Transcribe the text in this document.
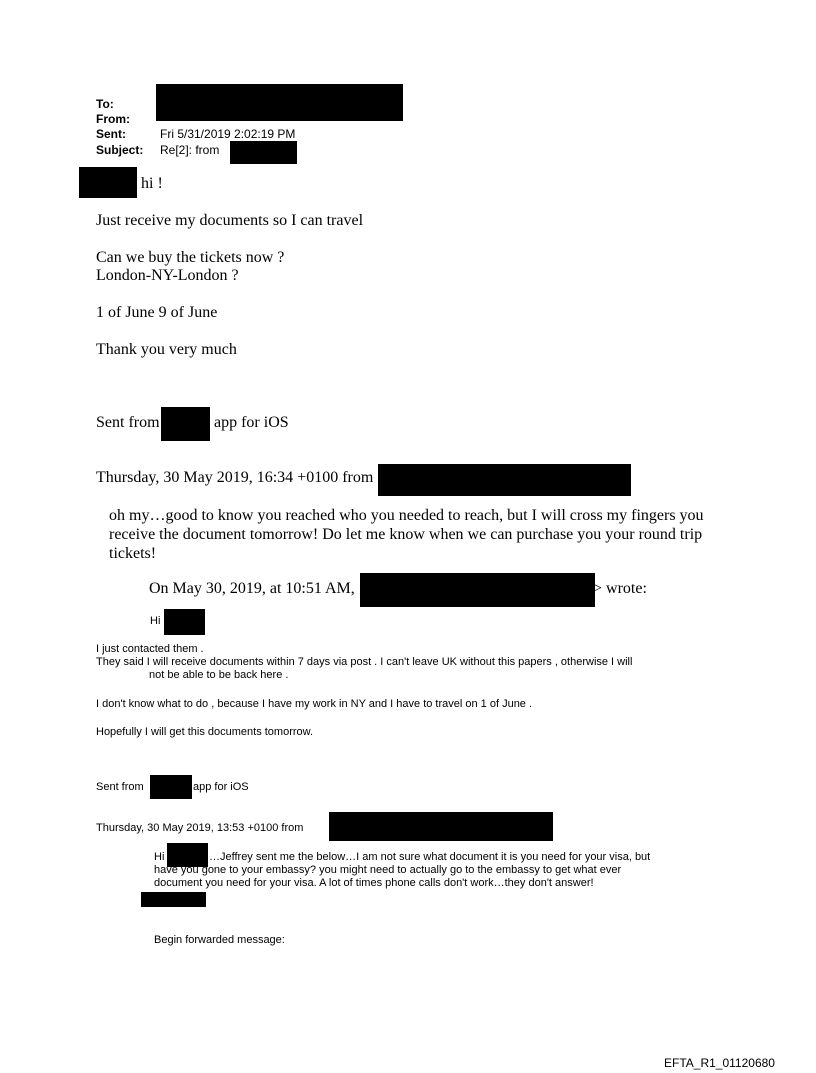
To:
From:
Sent:	Fri 5/31/2019 2:02:19 PM
Subject: Re[2]: from
hi !
Just receive my documents so I can travel
Can we buy the tickets now ?
London-NY-London ?
1 of June 9 of June
Thank you very much
Sent from	app for iOS
Thursday, 30 May 2019, 16:34 +0100 from
oh my…good to know you reached who you needed to reach, but I will cross my fingers you receive the document tomorrow! Do let me know when we can purchase you your round trip tickets!
On May 30, 2019, at 10:51 AM,	> wrote:
Hi
I just contacted them .
They said I will receive documents within 7 days via post . I can't leave UK without this papers , otherwise I will
not be able to be back here .
I don't know what to do , because I have my work in NY and I have to travel on 1 of June .
Hopefully I will get this documents tomorrow.
Sent from	app for iOS
Thursday, 30 May 2019, 13:53 +0100 from
Hi	…Jeffrey sent me the below…I am not sure what document it is you need for your visa, but
have you gone to your embassy? you might need to actually go to the embassy to get what ever
document you need for your visa. A lot of times phone calls don't work…they don't answer!
Begin forwarded message:
EFTA_R1_01120680
